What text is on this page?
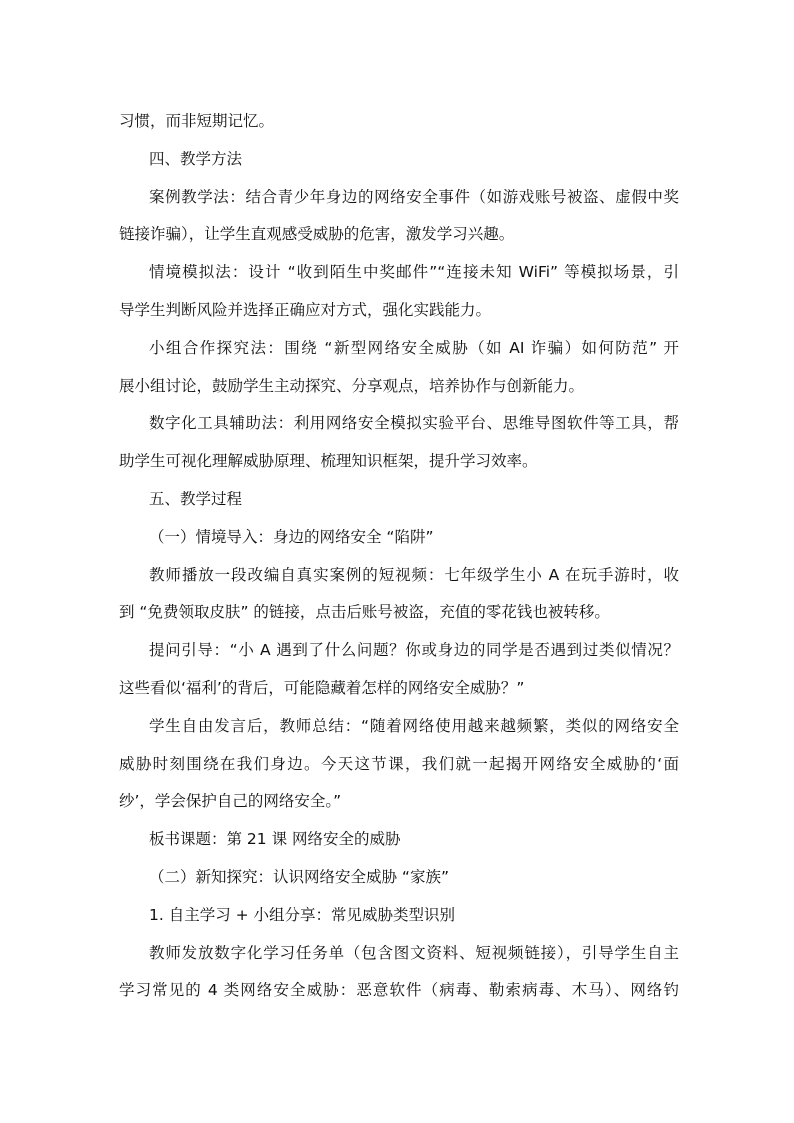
习惯，而非短期记忆。

四、教学方法

案例教学法：结合青少年身边的网络安全事件（如游戏账号被盗、虚假中奖

链接诈骗），让学生直观感受威胁的危害，激发学习兴趣。

情境模拟法：设计 “收到陌生中奖邮件”“连接未知 WiFi” 等模拟场景，引

导学生判断风险并选择正确应对方式，强化实践能力。

小组合作探究法：围绕 “新型网络安全威胁（如 AI 诈骗）如何防范” 开

展小组讨论，鼓励学生主动探究、分享观点，培养协作与创新能力。

数字化工具辅助法：利用网络安全模拟实验平台、思维导图软件等工具，帮

助学生可视化理解威胁原理、梳理知识框架，提升学习效率。

五、教学过程

（一）情境导入：身边的网络安全 “陷阱”

教师播放一段改编自真实案例的短视频：七年级学生小 A 在玩手游时，收

到 “免费领取皮肤” 的链接，点击后账号被盗，充值的零花钱也被转移。

提问引导：“小 A 遇到了什么问题？你或身边的同学是否遇到过类似情况？

这些看似‘福利’的背后，可能隐藏着怎样的网络安全威胁？”

学生自由发言后，教师总结：“随着网络使用越来越频繁，类似的网络安全

威胁时刻围绕在我们身边。今天这节课，我们就一起揭开网络安全威胁的‘面

纱’，学会保护自己的网络安全。”

板书课题：第 21 课 网络安全的威胁

（二）新知探究：认识网络安全威胁 “家族”

1. 自主学习 + 小组分享：常见威胁类型识别

教师发放数字化学习任务单（包含图文资料、短视频链接），引导学生自主

学习常见的 4 类网络安全威胁：恶意软件（病毒、勒索病毒、木马）、网络钓
